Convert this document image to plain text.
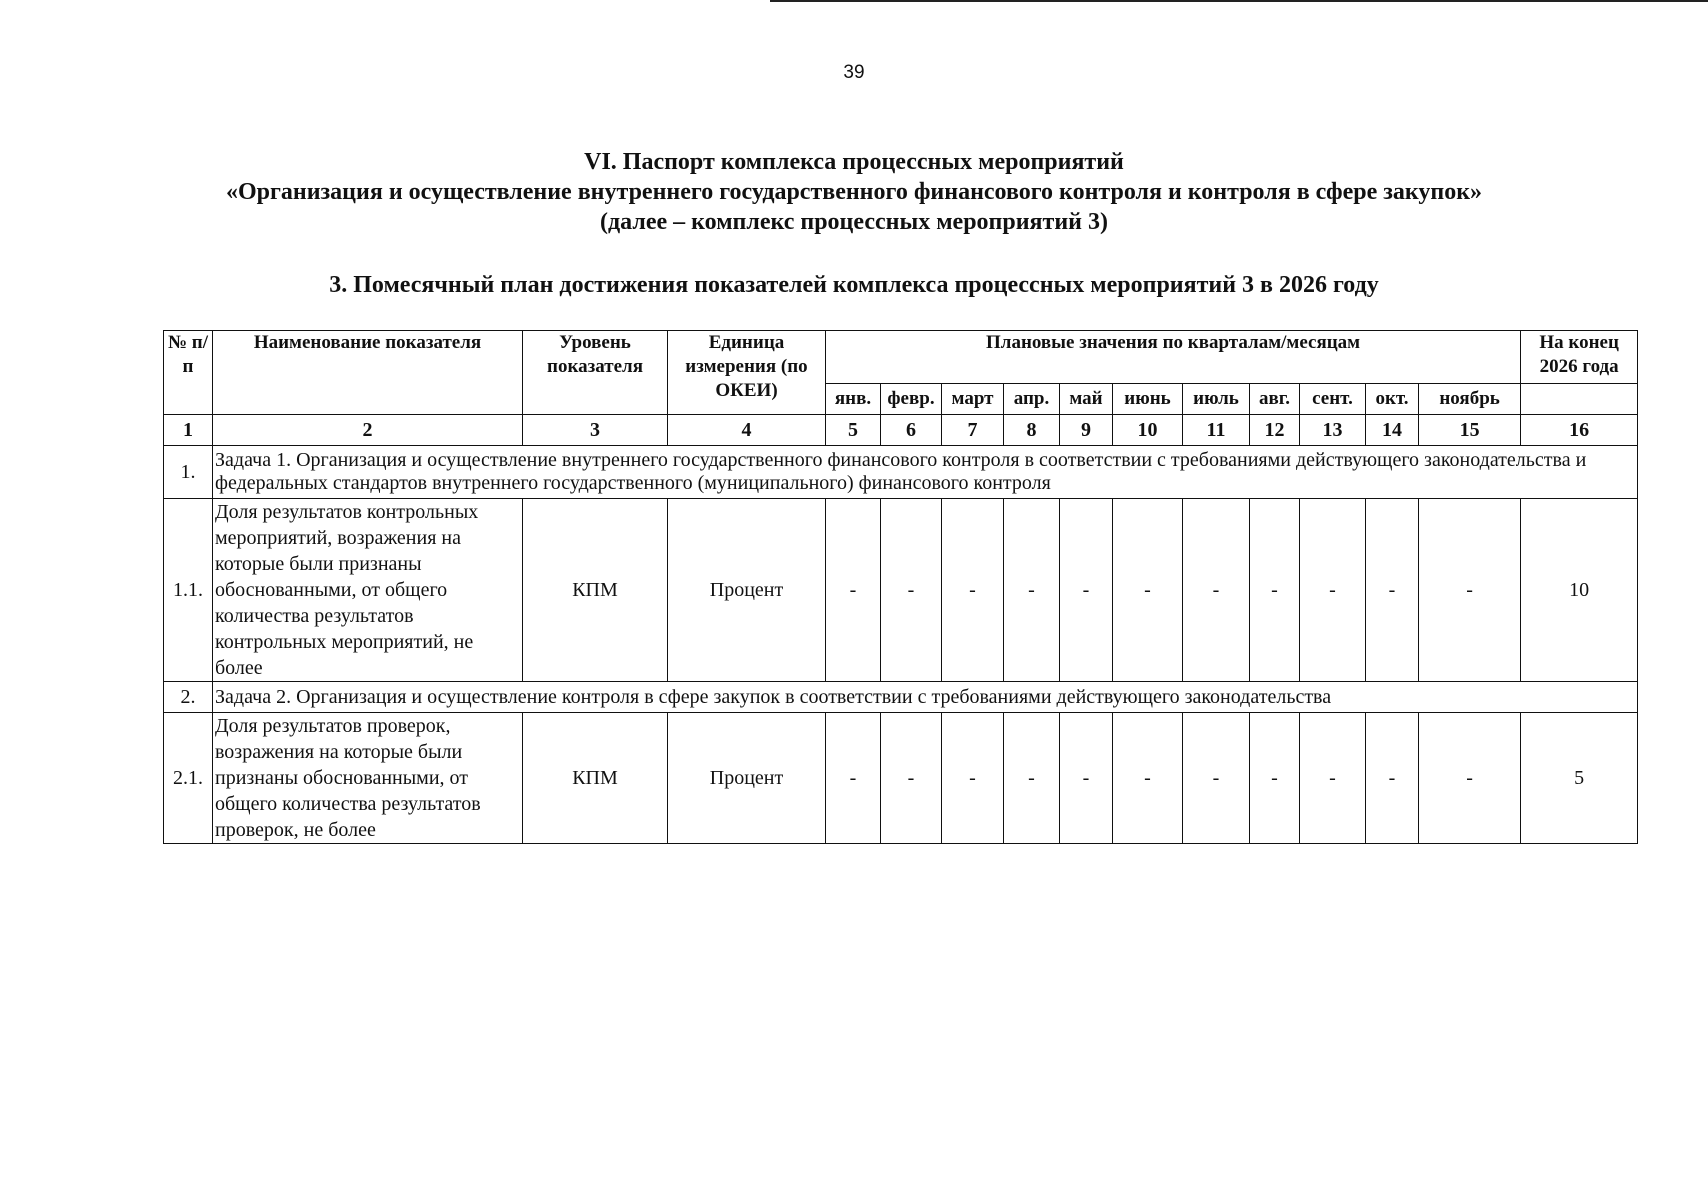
39
VI. Паспорт комплекса процессных мероприятий
«Организация и осуществление внутреннего государственного финансового контроля и контроля в сфере закупок»
(далее – комплекс процессных мероприятий 3)
3. Помесячный план достижения показателей комплекса процессных мероприятий 3 в 2026 году
№ п/п	Наименование показателя	Уровень показателя	Единица измерения (по ОКЕИ)	Плановые значения по кварталам/месяцам											На конец 2026 года
				янв.	февр.	март	апр.	май	июнь	июль	авг.	сент.	окт.	ноябрь	
1	2	3	4	5	6	7	8	9	10	11	12	13	14	15	16
1.	Задача 1. Организация и осуществление внутреннего государственного финансового контроля в соответствии с требованиями действующего законодательства и федеральных стандартов внутреннего государственного (муниципального) финансового контроля														
1.1.	Доля результатов контрольных мероприятий, возражения на которые были признаны обоснованными, от общего количества результатов контрольных мероприятий, не более	КПМ	Процент	-	-	-	-	-	-	-	-	-	-	-	10
2.	Задача 2. Организация и осуществление контроля в сфере закупок в соответствии с требованиями действующего законодательства														
2.1.	Доля результатов проверок, возражения на которые были признаны обоснованными, от общего количества результатов проверок, не более	КПМ	Процент	-	-	-	-	-	-	-	-	-	-	-	5
